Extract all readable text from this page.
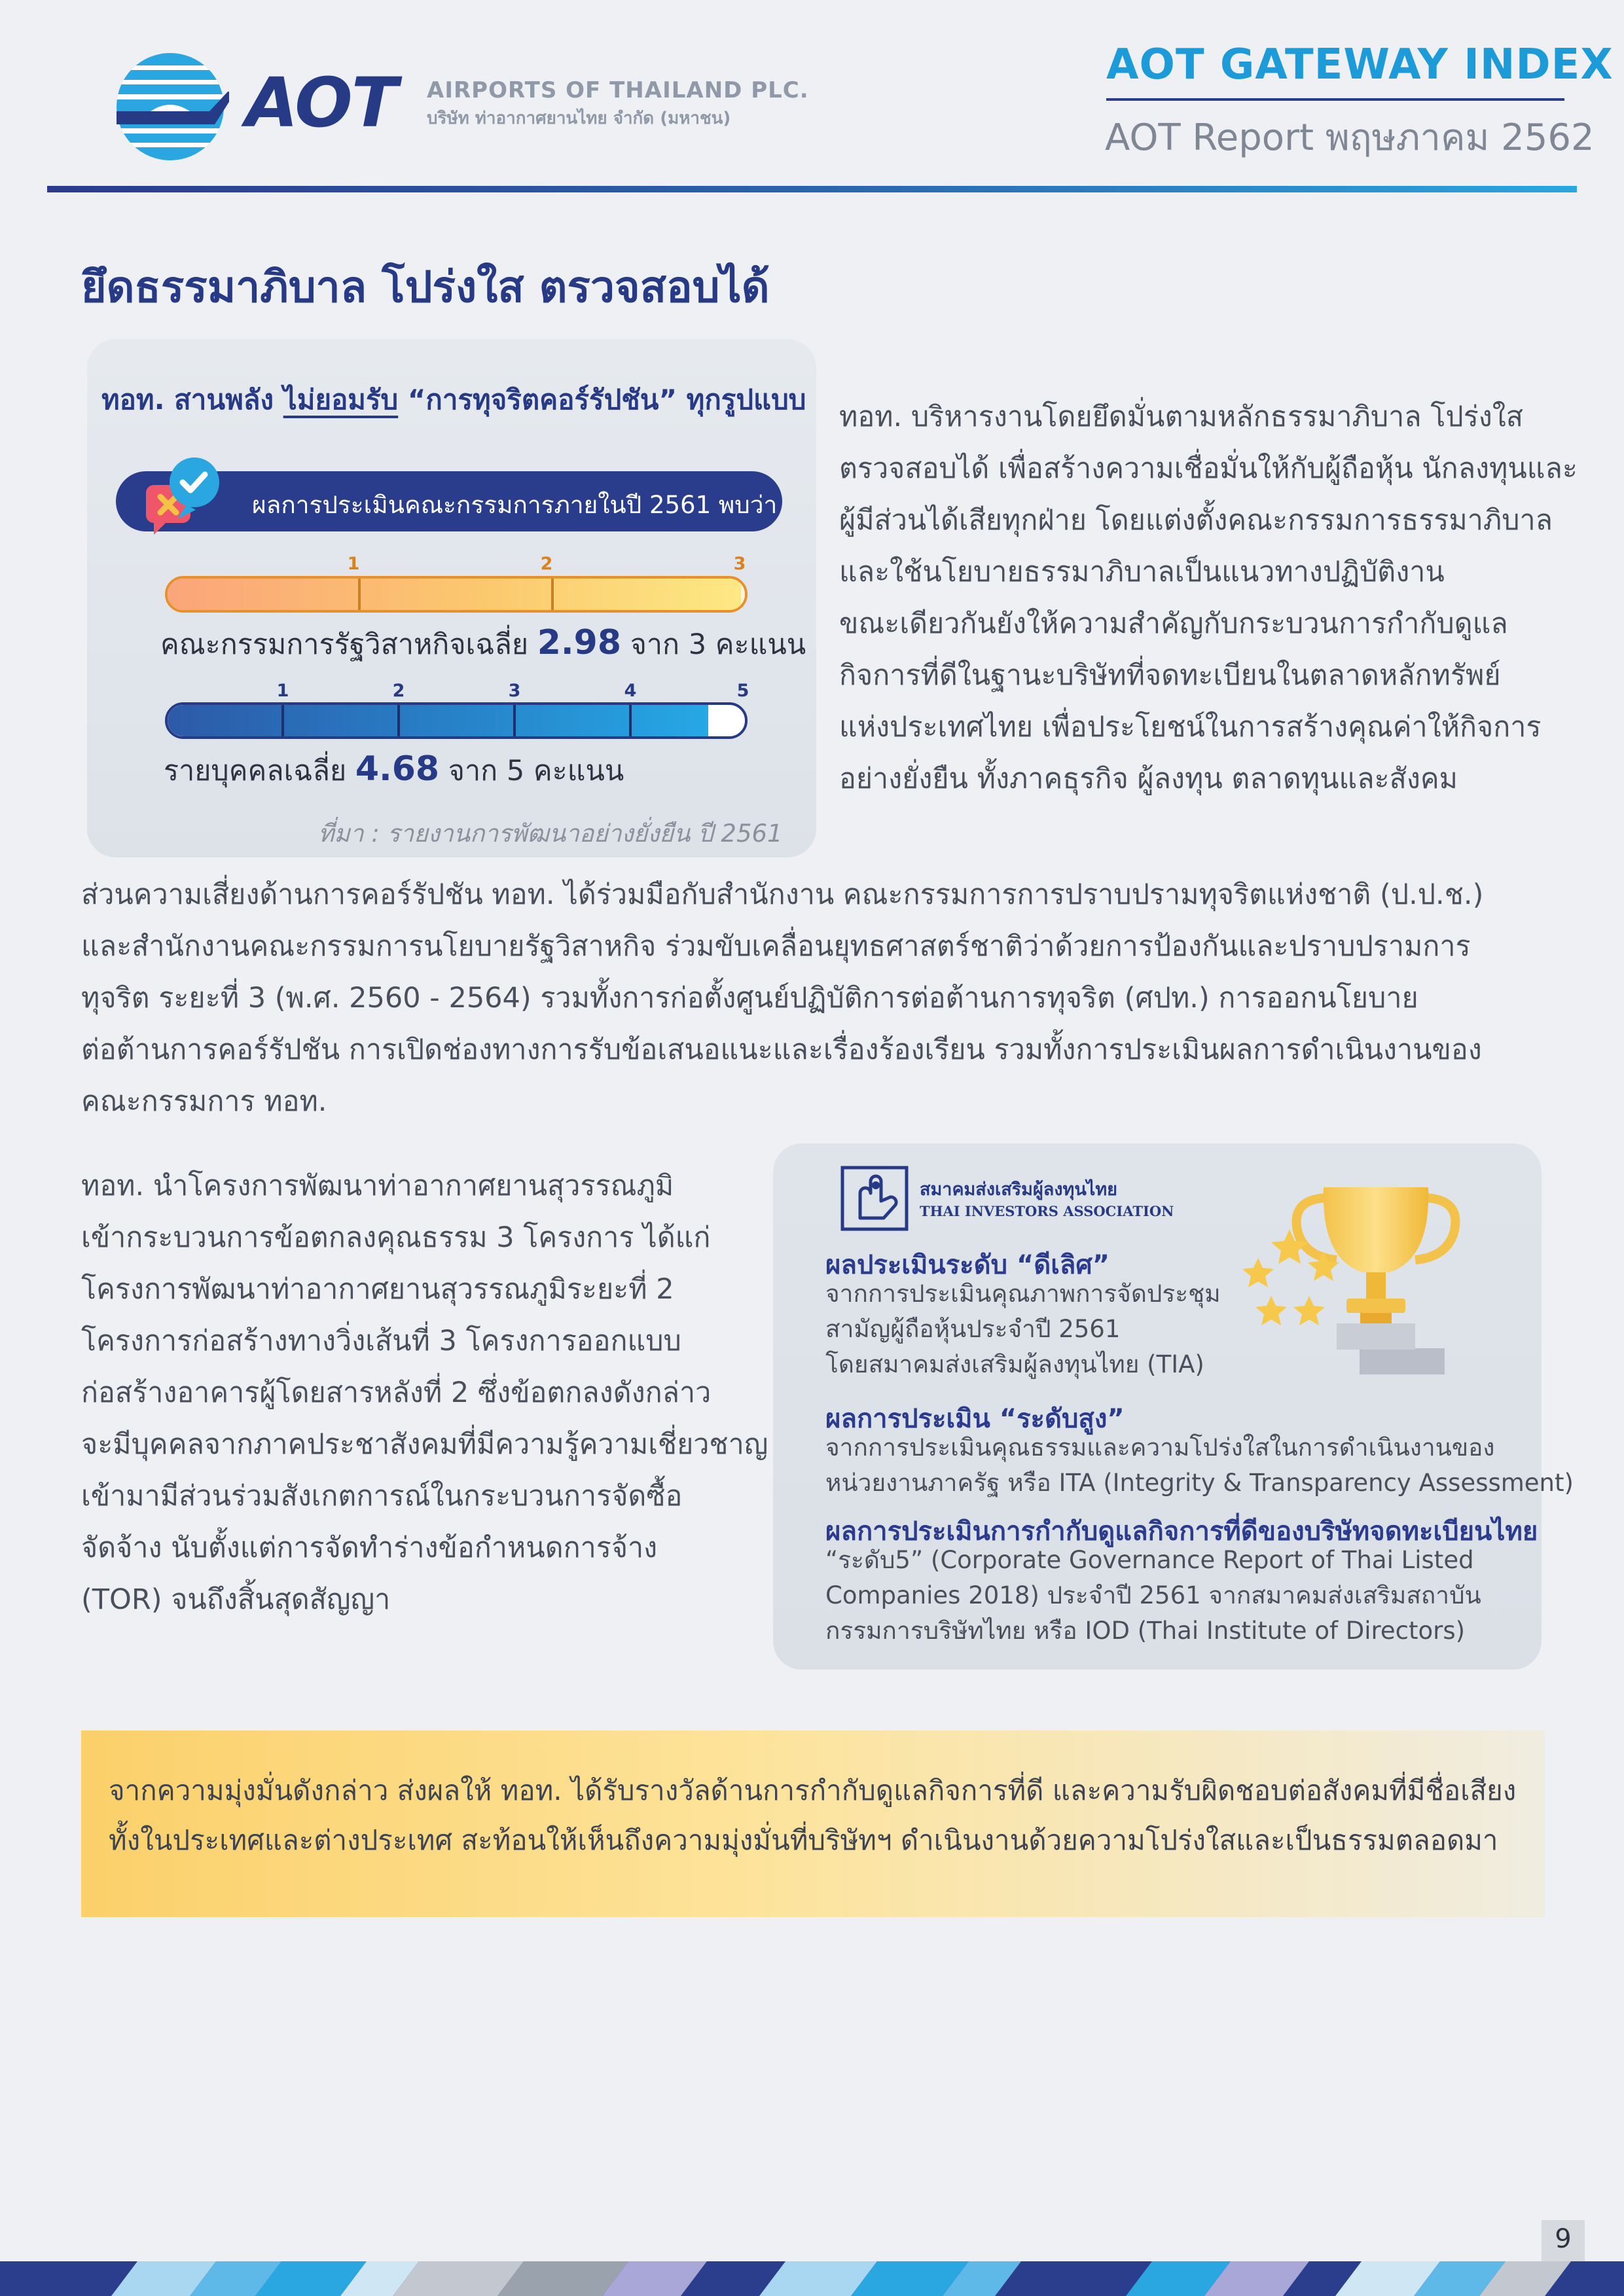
AOT AIRPORTS OF THAILAND PLC.
บริษัท ท่าอากาศยานไทย จำกัด (มหาชน)
AOT GATEWAY INDEX
AOT Report พฤษภาคม 2562
ยึดธรรมาภิบาล โปร่งใส ตรวจสอบได้
ทอท. สานพลัง ไม่ยอมรับ “การทุจริตคอร์รัปชัน” ทุกรูปแบบ
ผลการประเมินคณะกรรมการภายในปี 2561 พบว่า
1	2	3
คณะกรรมการรัฐวิสาหกิจเฉลี่ย 2.98 จาก 3 คะแนน
1	2	3	4	5
รายบุคคลเฉลี่ย 4.68 จาก 5 คะแนน
ที่มา : รายงานการพัฒนาอย่างยั่งยืน ปี 2561
ทอท. บริหารงานโดยยึดมั่นตามหลักธรรมาภิบาล โปร่งใส
ตรวจสอบได้ เพื่อสร้างความเชื่อมั่นให้กับผู้ถือหุ้น นักลงทุนและ
ผู้มีส่วนได้เสียทุกฝ่าย โดยแต่งตั้งคณะกรรมการธรรมาภิบาล
และใช้นโยบายธรรมาภิบาลเป็นแนวทางปฏิบัติงาน
ขณะเดียวกันยังให้ความสำคัญกับกระบวนการกำกับดูแล
กิจการที่ดีในฐานะบริษัทที่จดทะเบียนในตลาดหลักทรัพย์
แห่งประเทศไทย เพื่อประโยชน์ในการสร้างคุณค่าให้กิจการ
อย่างยั่งยืน ทั้งภาคธุรกิจ ผู้ลงทุน ตลาดทุนและสังคม
ส่วนความเสี่ยงด้านการคอร์รัปชัน ทอท. ได้ร่วมมือกับสำนักงาน คณะกรรมการการปราบปรามทุจริตแห่งชาติ (ป.ป.ช.)
และสำนักงานคณะกรรมการนโยบายรัฐวิสาหกิจ ร่วมขับเคลื่อนยุทธศาสตร์ชาติว่าด้วยการป้องกันและปราบปรามการ
ทุจริต ระยะที่ 3 (พ.ศ. 2560 - 2564) รวมทั้งการก่อตั้งศูนย์ปฏิบัติการต่อต้านการทุจริต (ศปท.) การออกนโยบาย
ต่อต้านการคอร์รัปชัน การเปิดช่องทางการรับข้อเสนอแนะและเรื่องร้องเรียน รวมทั้งการประเมินผลการดำเนินงานของ
คณะกรรมการ ทอท.
ทอท. นำโครงการพัฒนาท่าอากาศยานสุวรรณภูมิ
เข้ากระบวนการข้อตกลงคุณธรรม 3 โครงการ ได้แก่
โครงการพัฒนาท่าอากาศยานสุวรรณภูมิระยะที่ 2
โครงการก่อสร้างทางวิ่งเส้นที่ 3 โครงการออกแบบ
ก่อสร้างอาคารผู้โดยสารหลังที่ 2 ซึ่งข้อตกลงดังกล่าว
จะมีบุคคลจากภาคประชาสังคมที่มีความรู้ความเชี่ยวชาญ
เข้ามามีส่วนร่วมสังเกตการณ์ในกระบวนการจัดซื้อ
จัดจ้าง นับตั้งแต่การจัดทำร่างข้อกำหนดการจ้าง
(TOR) จนถึงสิ้นสุดสัญญา
สมาคมส่งเสริมผู้ลงทุนไทย
THAI INVESTORS ASSOCIATION
ผลประเมินระดับ “ดีเลิศ”
จากการประเมินคุณภาพการจัดประชุม
สามัญผู้ถือหุ้นประจำปี 2561
โดยสมาคมส่งเสริมผู้ลงทุนไทย (TIA)
ผลการประเมิน “ระดับสูง”
จากการประเมินคุณธรรมและความโปร่งใสในการดำเนินงานของ
หน่วยงานภาครัฐ หรือ ITA (Integrity & Transparency Assessment)
ผลการประเมินการกำกับดูแลกิจการที่ดีของบริษัทจดทะเบียนไทย
“ระดับ5” (Corporate Governance Report of Thai Listed
Companies 2018) ประจำปี 2561 จากสมาคมส่งเสริมสถาบัน
กรรมการบริษัทไทย หรือ IOD (Thai Institute of Directors)
จากความมุ่งมั่นดังกล่าว ส่งผลให้ ทอท. ได้รับรางวัลด้านการกำกับดูแลกิจการที่ดี และความรับผิดชอบต่อสังคมที่มีชื่อเสียง
ทั้งในประเทศและต่างประเทศ สะท้อนให้เห็นถึงความมุ่งมั่นที่บริษัทฯ ดำเนินงานด้วยความโปร่งใสและเป็นธรรมตลอดมา
9
